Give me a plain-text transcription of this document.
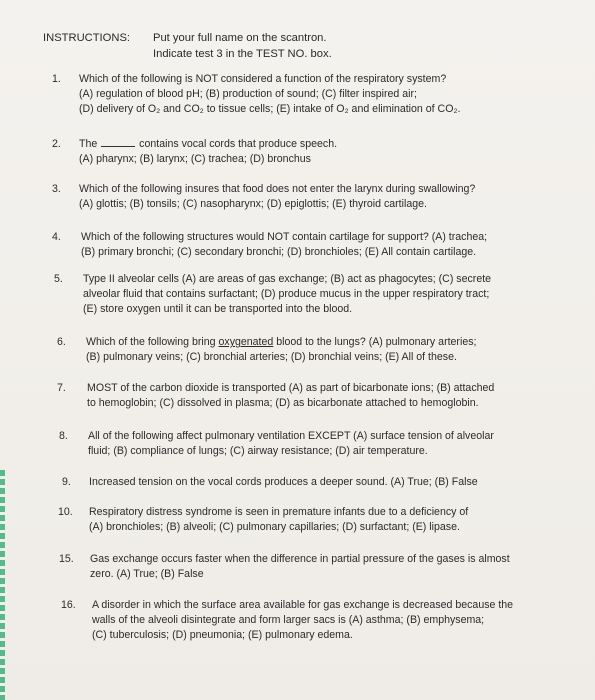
INSTRUCTIONS: Put your full name on the scantron.
Indicate test 3 in the TEST NO. box.
1. Which of the following is NOT considered a function of the respiratory system?
(A) regulation of blood pH; (B) production of sound; (C) filter inspired air;
(D) delivery of O₂ and CO₂ to tissue cells; (E) intake of O₂ and elimination of CO₂.
2. The	contains vocal cords that produce speech.
(A) pharynx; (B) larynx; (C) trachea; (D) bronchus
3. Which of the following insures that food does not enter the larynx during swallowing?
(A) glottis; (B) tonsils; (C) nasopharynx; (D) epiglottis; (E) thyroid cartilage.
4. Which of the following structures would NOT contain cartilage for support? (A) trachea;
(B) primary bronchi; (C) secondary bronchi; (D) bronchioles; (E) All contain cartilage.
5. Type II alveolar cells (A) are areas of gas exchange; (B) act as phagocytes; (C) secrete
alveolar fluid that contains surfactant; (D) produce mucus in the upper respiratory tract;
(E) store oxygen until it can be transported into the blood.
6. Which of the following bring oxygenated blood to the lungs? (A) pulmonary arteries;
(B) pulmonary veins; (C) bronchial arteries; (D) bronchial veins; (E) All of these.
7. MOST of the carbon dioxide is transported (A) as part of bicarbonate ions; (B) attached
to hemoglobin; (C) dissolved in plasma; (D) as bicarbonate attached to hemoglobin.
8. All of the following affect pulmonary ventilation EXCEPT (A) surface tension of alveolar
fluid; (B) compliance of lungs; (C) airway resistance; (D) air temperature.
9. Increased tension on the vocal cords produces a deeper sound. (A) True; (B) False
10. Respiratory distress syndrome is seen in premature infants due to a deficiency of
(A) bronchioles; (B) alveoli; (C) pulmonary capillaries; (D) surfactant; (E) lipase.
15. Gas exchange occurs faster when the difference in partial pressure of the gases is almost
zero. (A) True; (B) False
16. A disorder in which the surface area available for gas exchange is decreased because the
walls of the alveoli disintegrate and form larger sacs is (A) asthma; (B) emphysema;
(C) tuberculosis; (D) pneumonia; (E) pulmonary edema.
